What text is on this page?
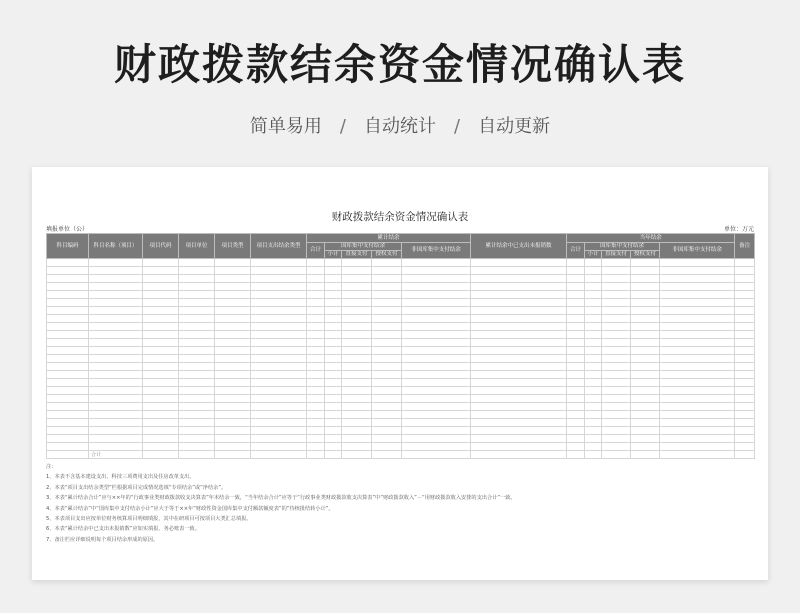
财政拨款结余资金情况确认表
简单易用 / 自动统计 / 自动更新
财政拨款结余资金情况确认表
填报单位（公）	单位：万元
科目编码	科目名称（项目）	项目代码	项目单位	项目类型	项目支出结余类型	累计结余					累计结余中已支出未报销数	当年结余					备注
						合计	国库集中支付结余			非国库集中支付结余		合计	国库集中支付结余			非国库集中支付结余	
							小计	直接支付	授权支付				小计	直接支付	授权支付		

	合计																
注：
1、本表不含基本建设支出、科技三项费用支出及住房改革支出。
2、本表“项目支出结余类型”栏根据项目完成情况选填“专项结余”或“净结余”。
3、本表“累计结余合计”应与××年的“行政事业类财政拨款收支决算表”年末结余一致，“当年结余合计”应等于“行政事业类财政拨款收支决算表”中“财政拨款收入”－“用财政拨款收入安排的支出合计”一致。
4、本表“累计结余”中“国库集中支付结余小计”应大于等于××年“财政性资金国库集中支付额款额度表”的“待核批结转小计”。
5、本表项目支出应按单位财务核算项目明细填报，其中在研项目可按项目大类汇总填报。
6、本表“累计结余中已支出未报销数”应如实填报、务必账表一致。
7、备注栏应详细说明每个项目结余形成的原因。
